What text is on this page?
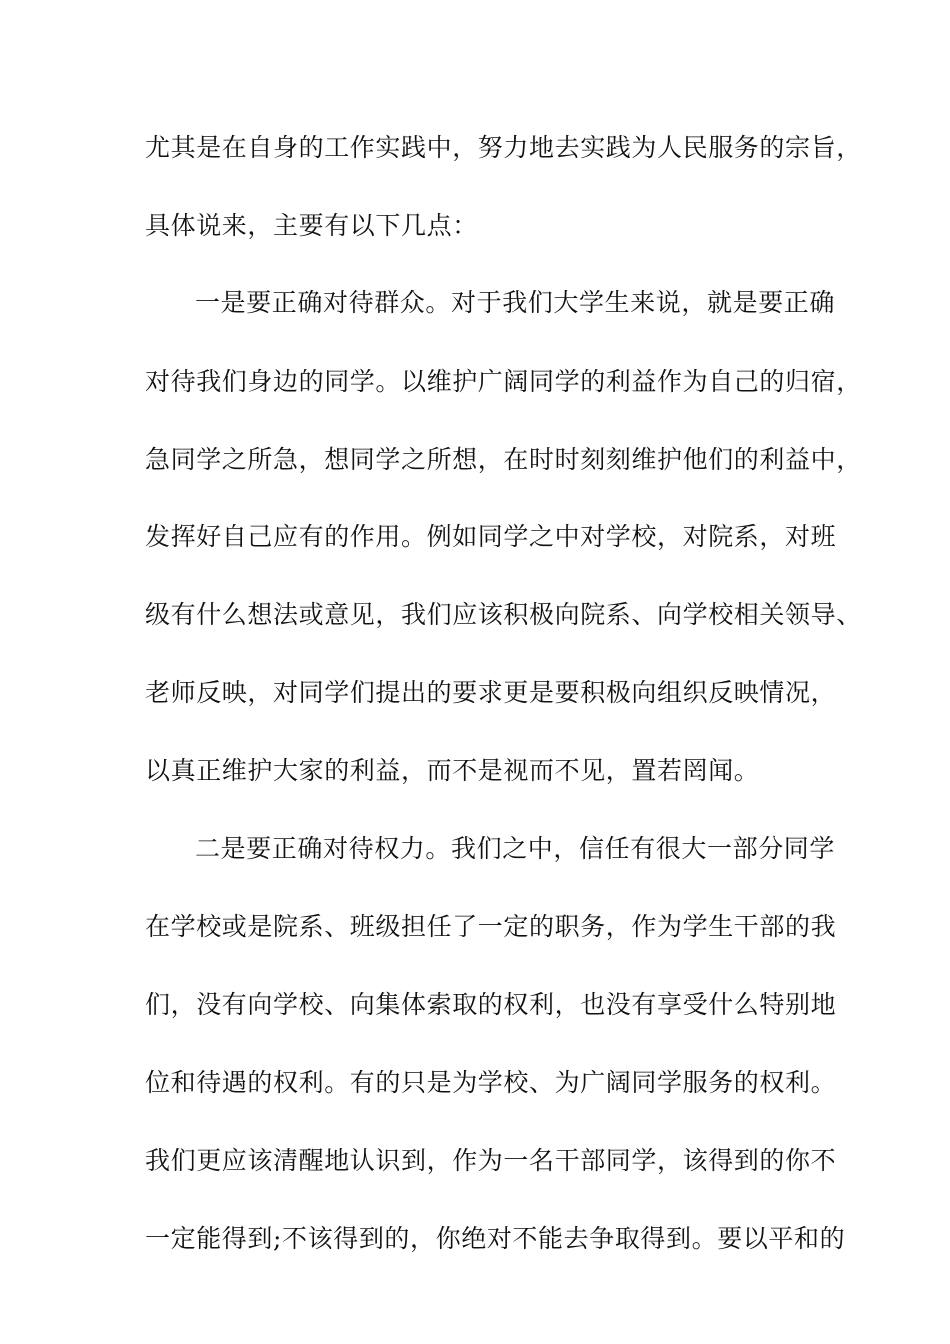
尤其是在自身的工作实践中，努力地去实践为人民服务的宗旨，
具体说来，主要有以下几点：
一是要正确对待群众。对于我们大学生来说，就是要正确
对待我们身边的同学。以维护广阔同学的利益作为自己的归宿，
急同学之所急，想同学之所想，在时时刻刻维护他们的利益中，
发挥好自己应有的作用。例如同学之中对学校，对院系，对班
级有什么想法或意见，我们应该积极向院系、向学校相关领导、
老师反映，对同学们提出的要求更是要积极向组织反映情况，
以真正维护大家的利益，而不是视而不见，置若罔闻。
二是要正确对待权力。我们之中，信任有很大一部分同学
在学校或是院系、班级担任了一定的职务，作为学生干部的我
们，没有向学校、向集体索取的权利，也没有享受什么特别地
位和待遇的权利。有的只是为学校、为广阔同学服务的权利。
我们更应该清醒地认识到，作为一名干部同学，该得到的你不
一定能得到;不该得到的，你绝对不能去争取得到。要以平和的
